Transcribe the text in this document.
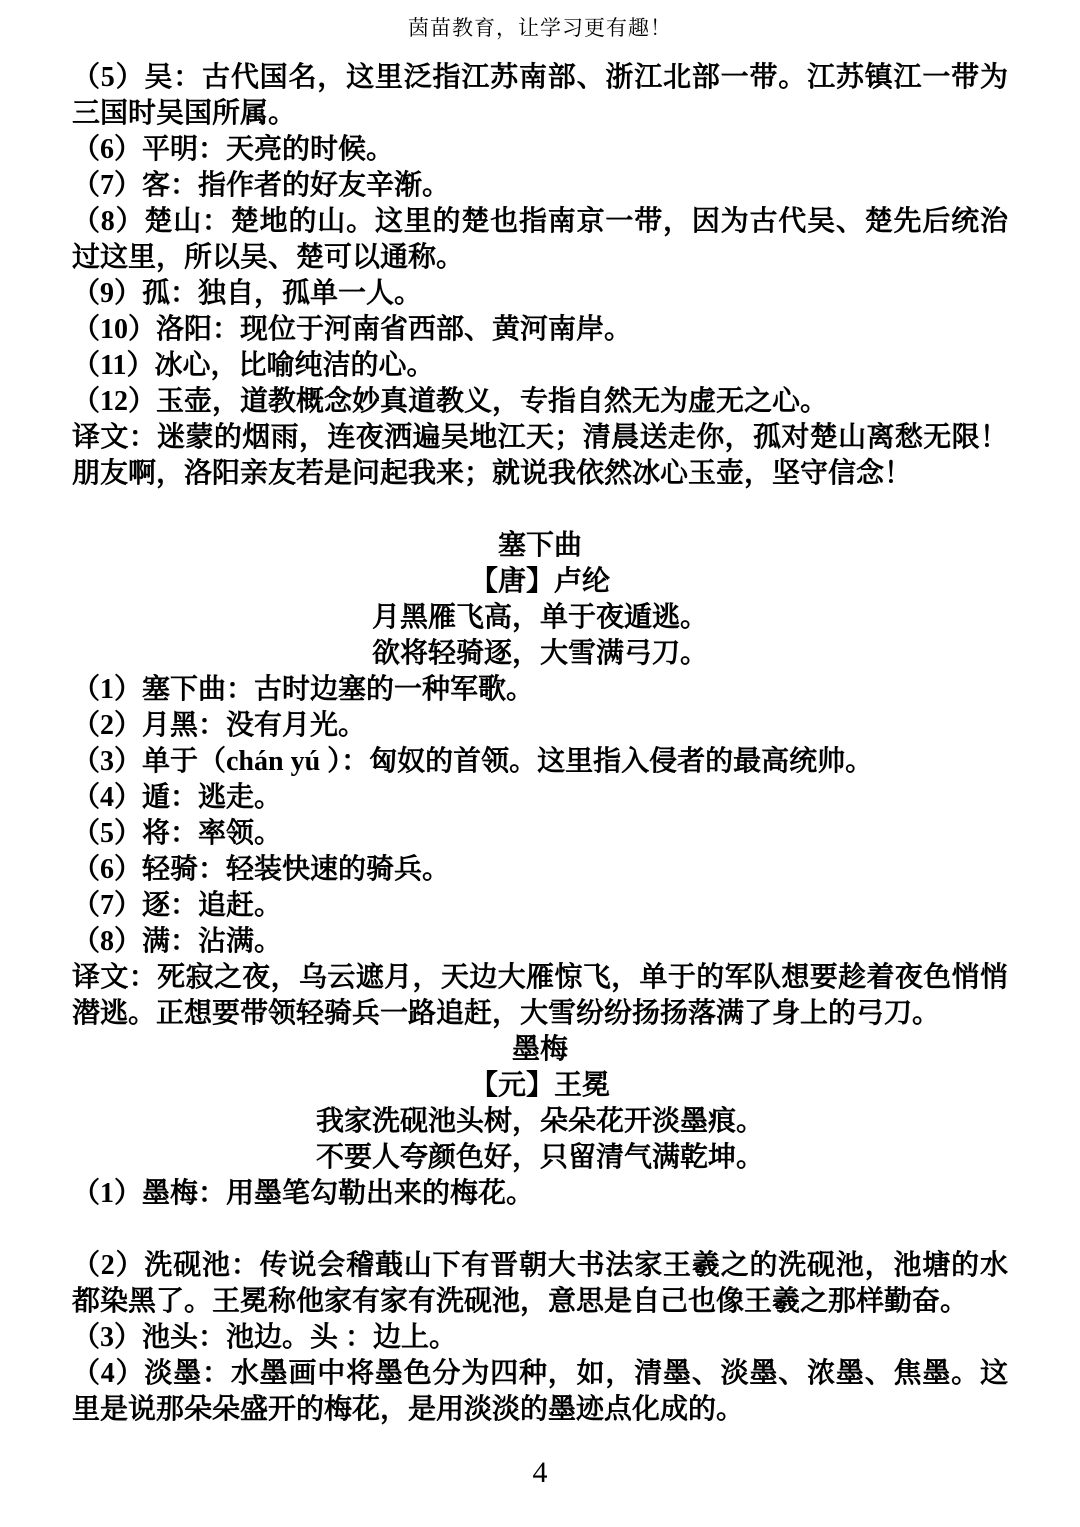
茵苗教育，让学习更有趣！
（5）吴：古代国名，这里泛指江苏南部、浙江北部一带。江苏镇江一带为三国时吴国所属。
（6）平明：天亮的时候。
（7）客：指作者的好友辛渐。
（8）楚山：楚地的山。这里的楚也指南京一带，因为古代吴、楚先后统治过这里，所以吴、楚可以通称。
（9）孤：独自，孤单一人。
（10）洛阳：现位于河南省西部、黄河南岸。
（11）冰心，比喻纯洁的心。
（12）玉壶，道教概念妙真道教义，专指自然无为虚无之心。
译文：迷蒙的烟雨，连夜洒遍吴地江天；清晨送走你，孤对楚山离愁无限！朋友啊，洛阳亲友若是问起我来；就说我依然冰心玉壶，坚守信念！
塞下曲
【唐】卢纶
月黑雁飞高，单于夜遁逃。
欲将轻骑逐，大雪满弓刀。
（1）塞下曲：古时边塞的一种军歌。
（2）月黑：没有月光。
（3）单于（chán yú ）：匈奴的首领。这里指入侵者的最高统帅。
（4）遁：逃走。
（5）将：率领。
（6）轻骑：轻装快速的骑兵。
（7）逐：追赶。
（8）满：沾满。
译文：死寂之夜，乌云遮月，天边大雁惊飞，单于的军队想要趁着夜色悄悄潜逃。正想要带领轻骑兵一路追赶，大雪纷纷扬扬落满了身上的弓刀。
墨梅
【元】王冕
我家洗砚池头树，朵朵花开淡墨痕。
不要人夸颜色好，只留清气满乾坤。
（1）墨梅：用墨笔勾勒出来的梅花。
（2）洗砚池：传说会稽蕺山下有晋朝大书法家王羲之的洗砚池，池塘的水都染黑了。王冕称他家有家有洗砚池，意思是自己也像王羲之那样勤奋。
（3）池头：池边。头 ：边上。
（4）淡墨：水墨画中将墨色分为四种，如，清墨、淡墨、浓墨、焦墨。这里是说那朵朵盛开的梅花，是用淡淡的墨迹点化成的。
4
